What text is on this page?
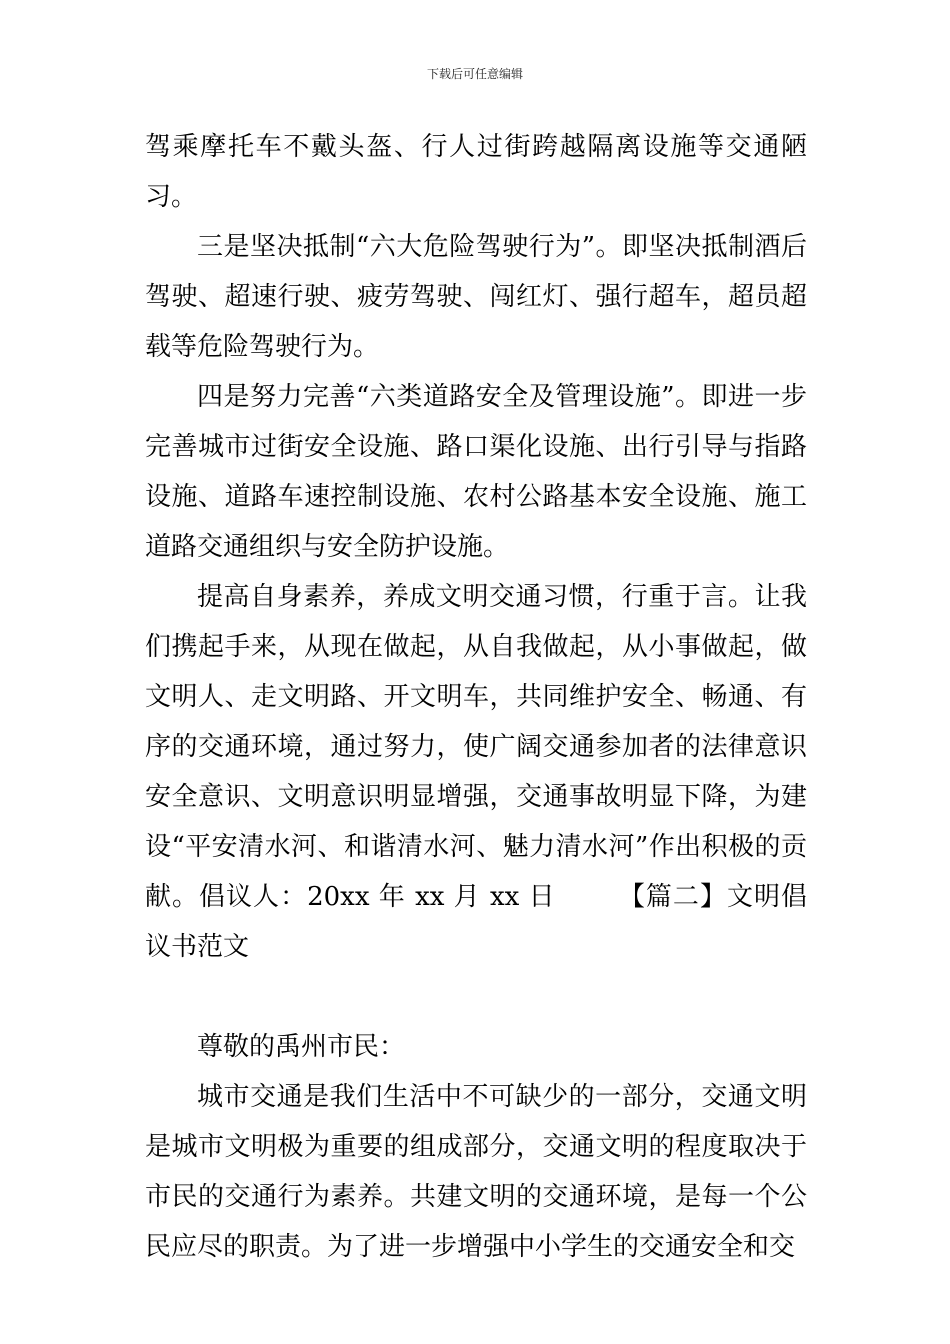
下载后可任意编辑

驾乘摩托车不戴头盔、行人过街跨越隔离设施等交通陋习。

三是坚决抵制“六大危险驾驶行为”。即坚决抵制酒后驾驶、超速行驶、疲劳驾驶、闯红灯、强行超车，超员超载等危险驾驶行为。

四是努力完善“六类道路安全及管理设施”。即进一步完善城市过街安全设施、路口渠化设施、出行引导与指路设施、道路车速控制设施、农村公路基本安全设施、施工道路交通组织与安全防护设施。

提高自身素养，养成文明交通习惯，行重于言。让我们携起手来，从现在做起，从自我做起，从小事做起，做文明人、走文明路、开文明车，共同维护安全、畅通、有序的交通环境，通过努力，使广阔交通参加者的法律意识安全意识、文明意识明显增强，交通事故明显下降，为建设“平安清水河、和谐清水河、魅力清水河”作出积极的贡献。倡议人：20xx 年 xx 月 xx 日　　 【篇二】文明倡议书范文

尊敬的禹州市民：

城市交通是我们生活中不可缺少的一部分，交通文明是城市文明极为重要的组成部分，交通文明的程度取决于市民的交通行为素养。共建文明的交通环境，是每一个公民应尽的职责。为了进一步增强中小学生的交通安全和交
